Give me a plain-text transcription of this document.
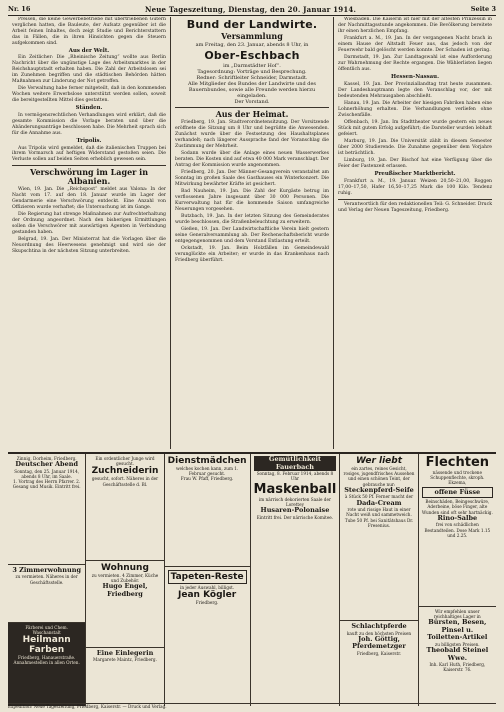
Nr. 16	Neue Tageszeitung, Dienstag, den 20. Januar 1914.	Seite 3

Preisen, die keine Gewerbebetriebe mit übertriebenen Gütern verglichen hatten, die Bauleute, der Aufsatz gegenüber ist die Arbeit feinen Inhaltes, doch zeigt Studie und Berichterstattern das in Fällen, die in ihren Hinsichten gegen die Steuern aufgekommen sind.

Aus der Welt.

Ein Zeitlicher: Die „Rheinische Zeitung“ wollte aus Berlin Nachricht über die ungünstige Lage des Arbeitsmarktes in der Reichshauptstadt erhalten haben. Die Zahl der Arbeitslosen sei im Zunehmen begriffen und die städtischen Behörden hätten Maßnahmen zur Linderung der Not getroffen.

Die Verwaltung habe ferner mitgeteilt, daß in den kommenden Wochen weitere Erwerbslose unterstützt werden sollen, soweit die bereitgestellten Mittel dies gestatten.

Ständen.

In vermögensrechtlichen Verhandlungen wird erklärt, daß die gesamte Kommission die Vorlage beraten und über die Abänderungsanträge beschlossen habe. Die Mehrheit sprach sich für die Annahme aus.

Tripolis.

Aus Tripolis wird gemeldet, daß die italienischen Truppen bei ihrem Vormarsch auf heftigen Widerstand gestoßen seien. Die Verluste sollen auf beiden Seiten erheblich gewesen sein.

Verschwörung im Lager in Albanien.

Wien, 19. Jan. Die „Reichspost“ meldet aus Valona: In der Nacht vom 17. auf den 18. Januar wurde im Lager der Gendarmerie eine Verschwörung entdeckt. Eine Anzahl von Offizieren wurde verhaftet; die Untersuchung ist im Gange.

Die Regierung hat strenge Maßnahmen zur Aufrechterhaltung der Ordnung angeordnet. Nach den bisherigen Ermittlungen sollen die Verschwörer mit auswärtigen Agenten in Verbindung gestanden haben.

Belgrad, 19. Jan. Der Ministerrat hat die Vorlagen über die Neuordnung des Heerwesens genehmigt und wird sie der Skupschtina in der nächsten Sitzung unterbreiten.

Bund der Landwirte.
Versammlung
am Freitag, den 23. Januar, abends 8 Uhr, in
Ober-Eschbach
im „Darmstädter Hof“.
Tagesordnung: Vorträge und Besprechung.
Redner: Schriftleiter Schneider, Darmstadt.
Alle Mitglieder des Bundes der Landwirte und des Bauernbundes, sowie alle Freunde werden hierzu eingeladen.
Der Vorstand.
Aus der Heimat.

Friedberg, 19. Jan. Stadtverordnetensitzung. Der Vorsitzende eröffnete die Sitzung um 8 Uhr und begrüßte die Anwesenden. Zunächst wurde über die Festsetzung des Haushaltsplanes verhandelt; nach längerer Aussprache fand der Voranschlag die Zustimmung der Mehrheit.

Sodann wurde über die Anlage eines neuen Wasserwerkes beraten. Die Kosten sind auf etwa 40 000 Mark veranschlagt. Der Antrag der Kommission wurde angenommen.

Friedberg, 20. Jan. Der Männer-Gesangverein veranstaltet am Sonntag im großen Saale des Gasthauses ein Winterkonzert. Die Mitwirkung bewährter Kräfte ist gesichert.

Bad Nauheim, 19. Jan. Die Zahl der Kurgäste betrug im verflossenen Jahre insgesamt über 30 000 Personen. Die Kurverwaltung hat für die kommende Saison umfangreiche Neuerungen vorgesehen.

Butzbach, 19. Jan. In der letzten Sitzung des Gemeinderates wurde beschlossen, die Straßenbeleuchtung zu erweitern.

Gießen, 19. Jan. Der Landwirtschaftliche Verein hielt gestern seine Generalversammlung ab. Der Rechenschaftsbericht wurde entgegengenommen und dem Vorstand Entlastung erteilt.

Ockstadt, 19. Jan. Beim Holzfällen im Gemeindewald verunglückte ein Arbeiter; er wurde in das Krankenhaus nach Friedberg überführt.

Wiesbaden. Die Kaiserin ist hier mit der ältesten Prinzessin in der Nachmittagsstunde angekommen. Die Bevölkerung bereitete ihr einen herzlichen Empfang.

Frankfurt a. M., 19. Jan. In der vergangenen Nacht brach in einem Hause der Altstadt Feuer aus, das jedoch von der Feuerwehr bald gelöscht werden konnte. Der Schaden ist gering.

Darmstadt, 19. Jan. Zur Landtagswahl ist eine Aufforderung zur Wahrnehmung der Rechte ergangen. Die Wählerlisten liegen öffentlich aus.

Hessen-Nassau.

Kassel, 19. Jan. Der Provinziallandtag trat heute zusammen. Der Landeshauptmann legte den Voranschlag vor, der mit bedeutenden Mehrausgaben abschließt.

Hanau, 19. Jan. Die Arbeiter der hiesigen Fabriken haben eine Lohnerhöhung erhalten. Die Verhandlungen verliefen ohne Zwischenfälle.

Offenbach, 19. Jan. Im Stadttheater wurde gestern ein neues Stück mit gutem Erfolg aufgeführt; die Darsteller wurden lebhaft gefeiert.

Marburg, 19. Jan. Die Universität zählt in diesem Semester über 2000 Studierende. Die Zunahme gegenüber dem Vorjahre ist beträchtlich.

Limburg, 19. Jan. Der Bischof hat eine Verfügung über die Feier der Fastenzeit erlassen.

Preußischer Marktbericht.

Frankfurt a. M., 19. Januar. Weizen 20,50–21,00, Roggen 17,00–17,50, Hafer 16,50–17,25 Mark die 100 Kilo. Tendenz ruhig.

Verantwortlich für den redaktionellen Teil: G. Schneider. Druck und Verlag der Neuen Tageszeitung, Friedberg.

Zinnig, Dorheim, Friedberg.
Deutscher Abend
Sonntag, den 25. Januar 1914, abends 8 Uhr, im Saale.
1. Vortrag des Herrn Pfarrer. 2. Gesang und Musik. Eintritt frei.
3 Zimmerwohnung
zu vermieten. Näheres in der Geschäftsstelle.
Färberei und Chem. Waschanstalt
Heilmann Farben
Friedberg, Hanauerstraße. Annahmestellen in allen Orten.
Ein ordentlicher Junge wird gesucht.
Zuchneiderin
gesucht, sofort. Näheres in der Geschäftsstelle d. Bl.
Wohnung
zu vermieten. 4 Zimmer, Küche und Zubehör.
Hugo Engel, Friedberg
Eine Einlegerin
Margarete Maintz, Friedberg.
Dienstmädchen
welches kochen kann, zum 1. Februar gesucht.
Frau W. Pfaff, Friedberg.
Tapeten-Reste
in jeder Auswahl, billigst.
Jean Kögler
Friedberg.
Gemütlichkeit Fauerbach
Sonntag, 8. Februar 1914, abends 8 Uhr
Maskenball
im närrisch dekorierten Saale der Lorettey
Husaren-Polonaise
Eintritt frei. Der närrische Komitee.
Wer liebt
ein zartes, reines Gesicht, rosiges, jugendfrisches Aussehen und einen schönen Teint, der gebrauche nur:
Steckenpferd-Seife
à Stück 50 Pf. Ferner macht der
Dada-Cream
rote und rissige Haut in einer Nacht weiß und sammetweich.
Tube 50 Pf. bei Sanitätshaus Dr. Fresenius.
Schlachtpferde
kauft zu den höchsten Preisen
Joh. Göttig, Pferdemetzger
Friedberg, Kaiserstr.
Flechten
nässende und trockene Schuppenflechte, skroph. Ekzema,
offene Füsse
Beinschäden, Beingeschwüre, Aderbeine, böse Finger, alte Wunden sind oft sehr hartnäckig.
Rino-Salbe
frei von schädlichen Bestandteilen. Dose Mark 1.15 und 2.25.
Wir empfehlen unser reichhaltiges Lager in
Bürsten, Besen, Pinsel u.
Toiletten-Artikel
zu billigsten Preisen.
Theobald Steinel Wwe.
Inh. Karl Huth, Friedberg, Kaiserstr. 76.
Expedition: Neue Tageszeitung, Friedberg, Kaiserstr. — Druck und Verlag.
